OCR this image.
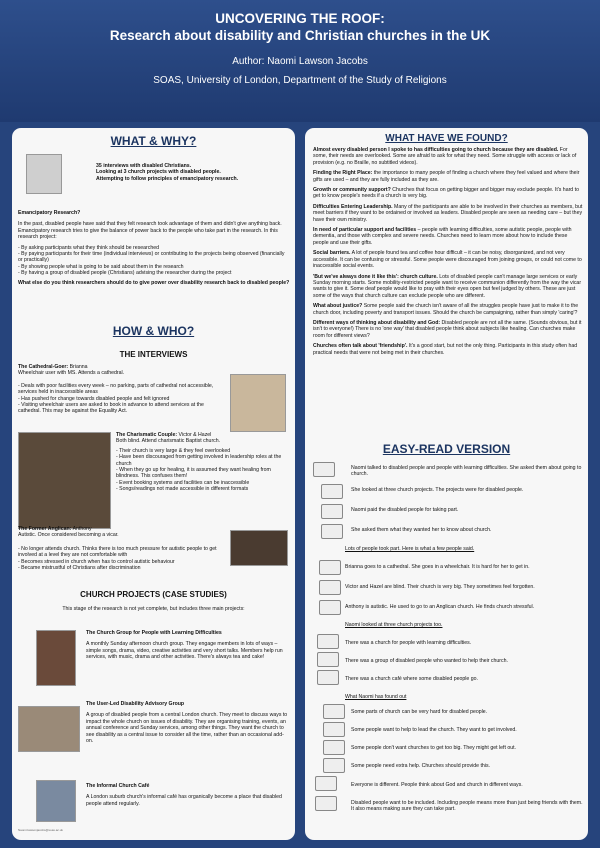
UNCOVERING THE ROOF:
Research about disability and Christian churches in the UK
Author: Naomi Lawson Jacobs
SOAS, University of London, Department of the Study of Religions
WHAT & WHY?
35 interviews with disabled Christians.
Looking at 3 church projects with disabled people.
Attempting to follow principles of emancipatory research.

Emancipatory Research?

In the past, disabled people have said that they felt research took advantage of them and didn't give anything back. Emancipatory research tries to give the balance of power back to the people who take part in the research. In this research project:

- By asking participants what they think should be researched
- By paying participants for their time (individual interviews) or contributing to the projects being observed (financially or practically)
- By showing people what is going to be said about them in the research
- By having a group of disabled people (Christians) advising the researcher during the project

What else do you think researchers should do to give power over disability research back to disabled people?

HOW & WHO?
THE INTERVIEWS

The Cathedral-Goer: Brianna

Wheelchair user with MS. Attends a cathedral.

- Deals with poor facilities every week – no parking, parts of cathedral not accessible, services held in inaccessible areas
- Has pushed for change towards disabled people and felt ignored
- Visiting wheelchair users are asked to book in advance to attend services at the cathedral. This may be against the Equality Act.

The Charismatic Couple: Victor & Hazel

Both blind. Attend charismatic Baptist church.

- Their church is very large & they feel overlooked
- Have been discouraged from getting involved in leadership roles at the church
- When they go up for healing, it is assumed they want healing from blindness. This confuses them!
- Event booking systems and facilities can be inaccessible
- Songs/readings not made accessible in different formats

The Former Anglican: Anthony

Autistic. Once considered becoming a vicar.

- No longer attends church. Thinks there is too much pressure for autistic people to get involved at a level they are not comfortable with
- Becomes stressed in church when has to control autistic behaviour
- Became mistrustful of Christians after discrimination
CHURCH PROJECTS (CASE STUDIES)

This stage of the research is not yet complete, but includes three main projects:

The Church Group for People with Learning Difficulties

A monthly Sunday afternoon church group. They engage members in lots of ways – simple songs, drama, video, creative activities and very short talks. Members help run services, with music, drama and other activities. There's always tea and cake!

The User-Led Disability Advisory Group

A group of disabled people from a central London church. They meet to discuss ways to impact the whole church on issues of disability. They are organising training, events, an annual conference and Sunday services, among other things. They want the church to see disability as a central issue to consider all the time, rather than an occasional add-on.

The Informal Church Café

A London suburb church's informal café has organically become a place that disabled people attend regularly.

Naomi.lawsonjacobs@soas.ac.uk
WHAT HAVE WE FOUND?

Almost every disabled person I spoke to has difficulties going to church because they are disabled. For some, their needs are overlooked. Some are afraid to ask for what they need. Some struggle with access or lack of provision (e.g. no Braille, no subtitled videos).

Finding the Right Place: the importance to many people of finding a church where they feel valued and where their gifts are used – and they are fully included as they are.

Growth or community support? Churches that focus on getting bigger and bigger may exclude people. It's hard to get to know people's needs if a church is very big.

Difficulties Entering Leadership. Many of the participants are able to be involved in their churches as members, but meet barriers if they want to be ordained or involved as leaders. Disabled people are seen as needing care – but they have their own ministry.

In need of particular support and facilities – people with learning difficulties, some autistic people, people with dementia, and those with complex and severe needs. Churches need to learn more about how to include these people and use their gifts.

Social barriers. A lot of people found tea and coffee hour difficult – it can be noisy, disorganized, and not very accessible. It can be confusing or stressful. Some people were discouraged from joining groups, or could not come to inaccessible social events.

'But we've always done it like this': church culture. Lots of disabled people can't manage large services or early Sunday morning starts. Some mobility-restricted people want to receive communion differently from the way the vicar wants to give it. Some deaf people would like to pray with their eyes open but feel judged by others. These are just some of the ways that church culture can exclude people who are different.

What about justice? Some people said the church isn't aware of all the struggles people have just to make it to the church door, including poverty and transport issues. Should the church be campaigning, rather than simply 'caring'?

Different ways of thinking about disability and God: Disabled people are not all the same. (Sounds obvious, but it isn't to everyone!) There is no 'one way' that disabled people think about subjects like healing. Can churches make room for different views?

Churches often talk about 'friendship'. It's a good start, but not the only thing. Participants in this study often had practical needs that were not being met in their churches.

EASY-READ VERSION

Naomi talked to disabled people and people with learning difficulties. She asked them about going to church.

She looked at three church projects. The projects were for disabled people.

Naomi paid the disabled people for taking part.

She asked them what they wanted her to know about church.

Lots of people took part. Here is what a few people said.

Brianna goes to a cathedral. She goes in a wheelchair. It is hard for her to get in.

Victor and Hazel are blind. Their church is very big. They sometimes feel forgotten.

Anthony is autistic. He used to go to an Anglican church. He finds church stressful.

Naomi looked at three church projects too.

There was a church for people with learning difficulties.

There was a group of disabled people who wanted to help their church.

There was a church café where some disabled people go.

What Naomi has found out

Some parts of church can be very hard for disabled people.

Some people want to help to lead the church. They want to get involved.

Some people don't want churches to get too big. They might get left out.

Some people need extra help. Churches should provide this.

Everyone is different. People think about God and church in different ways.

Disabled people want to be included. Including people means more than just being friends with them. It also means making sure they can take part.
